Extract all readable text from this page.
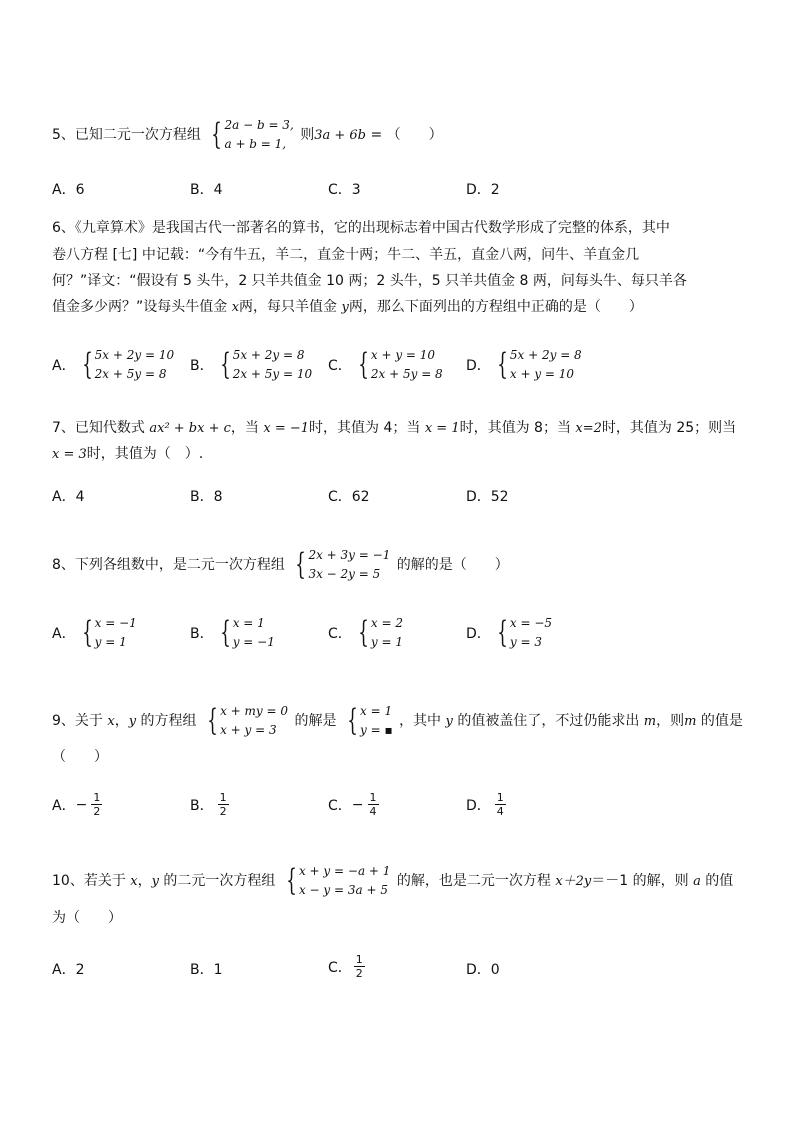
5、已知二元一次方程组 { 2a − b = 3,
a + b = 1,
则3a + 6b = （　　）
A．6	B．4	C．3	D．2
6、《九章算术》是我国古代一部著名的算书，它的出现标志着中国古代数学形成了完整的体系，其中
卷八方程 [七] 中记载：“今有牛五，羊二，直金十两；牛二、羊五，直金八两，问牛、羊直金几
何？”译文：“假设有 5 头牛，2 只羊共值金 10 两；2 头牛，5 只羊共值金 8 两，问每头牛、每只羊各
值金多少两？”设每头牛值金 x两，每只羊值金 y两，那么下面列出的方程组中正确的是（　　）
A． { 5x + 2y = 10
2x + 5y = 8	B． { 5x + 2y = 8
2x + 5y = 10 C． { x + y = 10
2x + 5y = 8 D． { 5x + 2y = 8
x + y = 10
7、已知代数式 ax² + bx + c，当 x = −1时，其值为 4；当 x = 1时，其值为 8；当 x=2时，其值为 25；则当
x = 3时，其值为（　）.
A．4	B．8	C．62	D．52
8、下列各组数中，是二元一次方程组 { 2x + 3y = −1
3x − 2y = 5
的解的是（　　）
A． { x = −1
y = 1	B． { x = 1
y = −1	C． { x = 2
y = 1	D． { x = −5
y = 3
9、关于 x，y 的方程组 { x + my = 0
x + y = 3
的解是 { x = 1
y = ▪
，其中 y 的值被盖住了，不过仍能求出 m，则m 的值是
（　　）
A． − $\frac{1}{2}$	B． $\frac{1}{2}$	C． − $\frac{1}{4}$	D． $\frac{1}{4}$
10、若关于 x，y 的二元一次方程组 { x + y = −a + 1
x − y = 3a + 5
的解，也是二元一次方程 x＋2y＝－1 的解，则 a 的值
为（　　）
A．2	B．1	C． $\frac{1}{2}$	D．0
